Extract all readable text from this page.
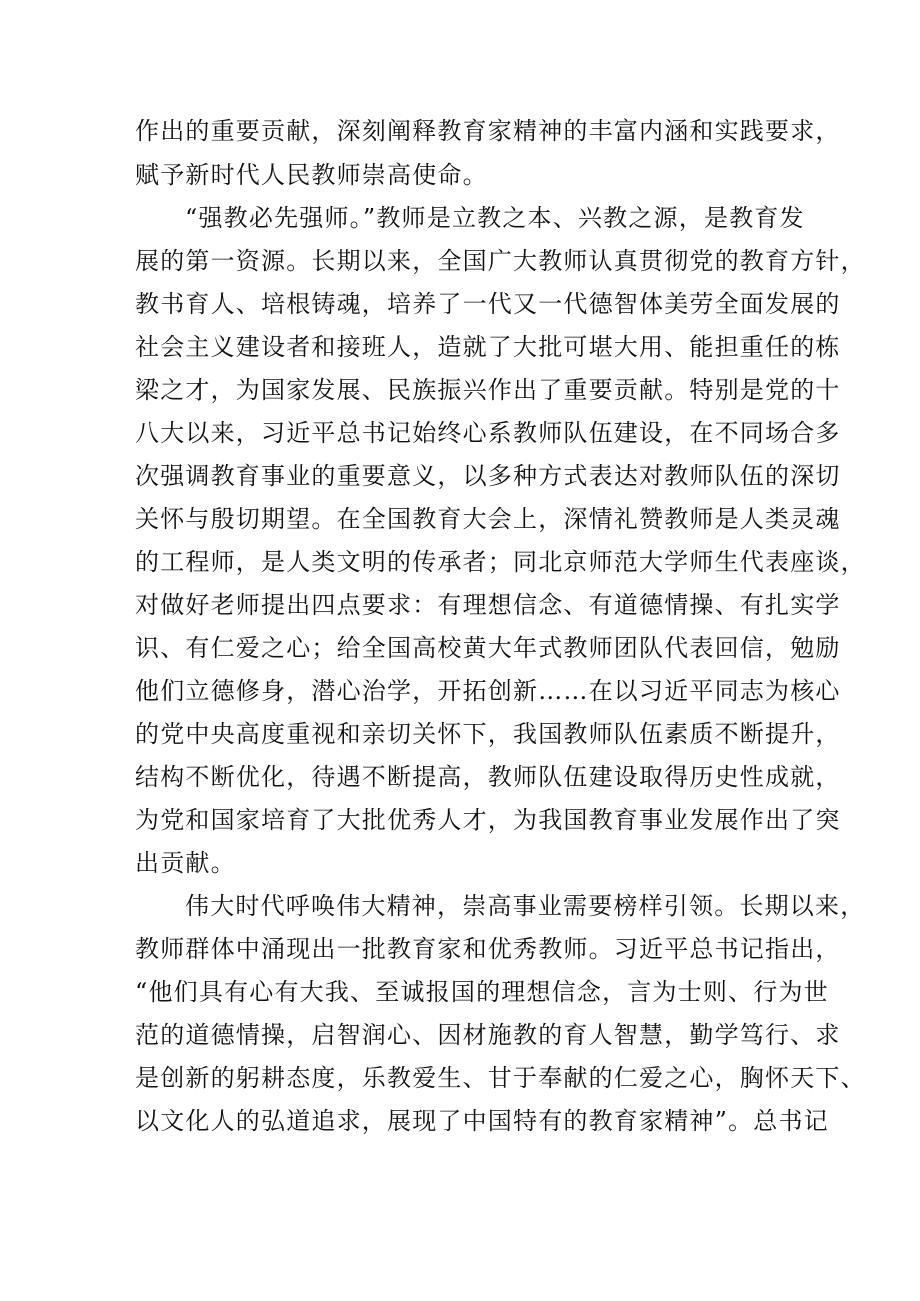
作出的重要贡献，深刻阐释教育家精神的丰富内涵和实践要求，
赋予新时代人民教师崇高使命。
“强教必先强师。”教师是立教之本、兴教之源，是教育发
展的第一资源。长期以来，全国广大教师认真贯彻党的教育方针，
教书育人、培根铸魂，培养了一代又一代德智体美劳全面发展的
社会主义建设者和接班人，造就了大批可堪大用、能担重任的栋
梁之才，为国家发展、民族振兴作出了重要贡献。特别是党的十
八大以来，习近平总书记始终心系教师队伍建设，在不同场合多
次强调教育事业的重要意义，以多种方式表达对教师队伍的深切
关怀与殷切期望。在全国教育大会上，深情礼赞教师是人类灵魂
的工程师，是人类文明的传承者；同北京师范大学师生代表座谈，
对做好老师提出四点要求：有理想信念、有道德情操、有扎实学
识、有仁爱之心；给全国高校黄大年式教师团队代表回信，勉励
他们立德修身，潜心治学，开拓创新……在以习近平同志为核心
的党中央高度重视和亲切关怀下，我国教师队伍素质不断提升，
结构不断优化，待遇不断提高，教师队伍建设取得历史性成就，
为党和国家培育了大批优秀人才，为我国教育事业发展作出了突
出贡献。
伟大时代呼唤伟大精神，崇高事业需要榜样引领。长期以来，
教师群体中涌现出一批教育家和优秀教师。习近平总书记指出，
“他们具有心有大我、至诚报国的理想信念，言为士则、行为世
范的道德情操，启智润心、因材施教的育人智慧，勤学笃行、求
是创新的躬耕态度，乐教爱生、甘于奉献的仁爱之心，胸怀天下、
以文化人的弘道追求，展现了中国特有的教育家精神”。总书记
